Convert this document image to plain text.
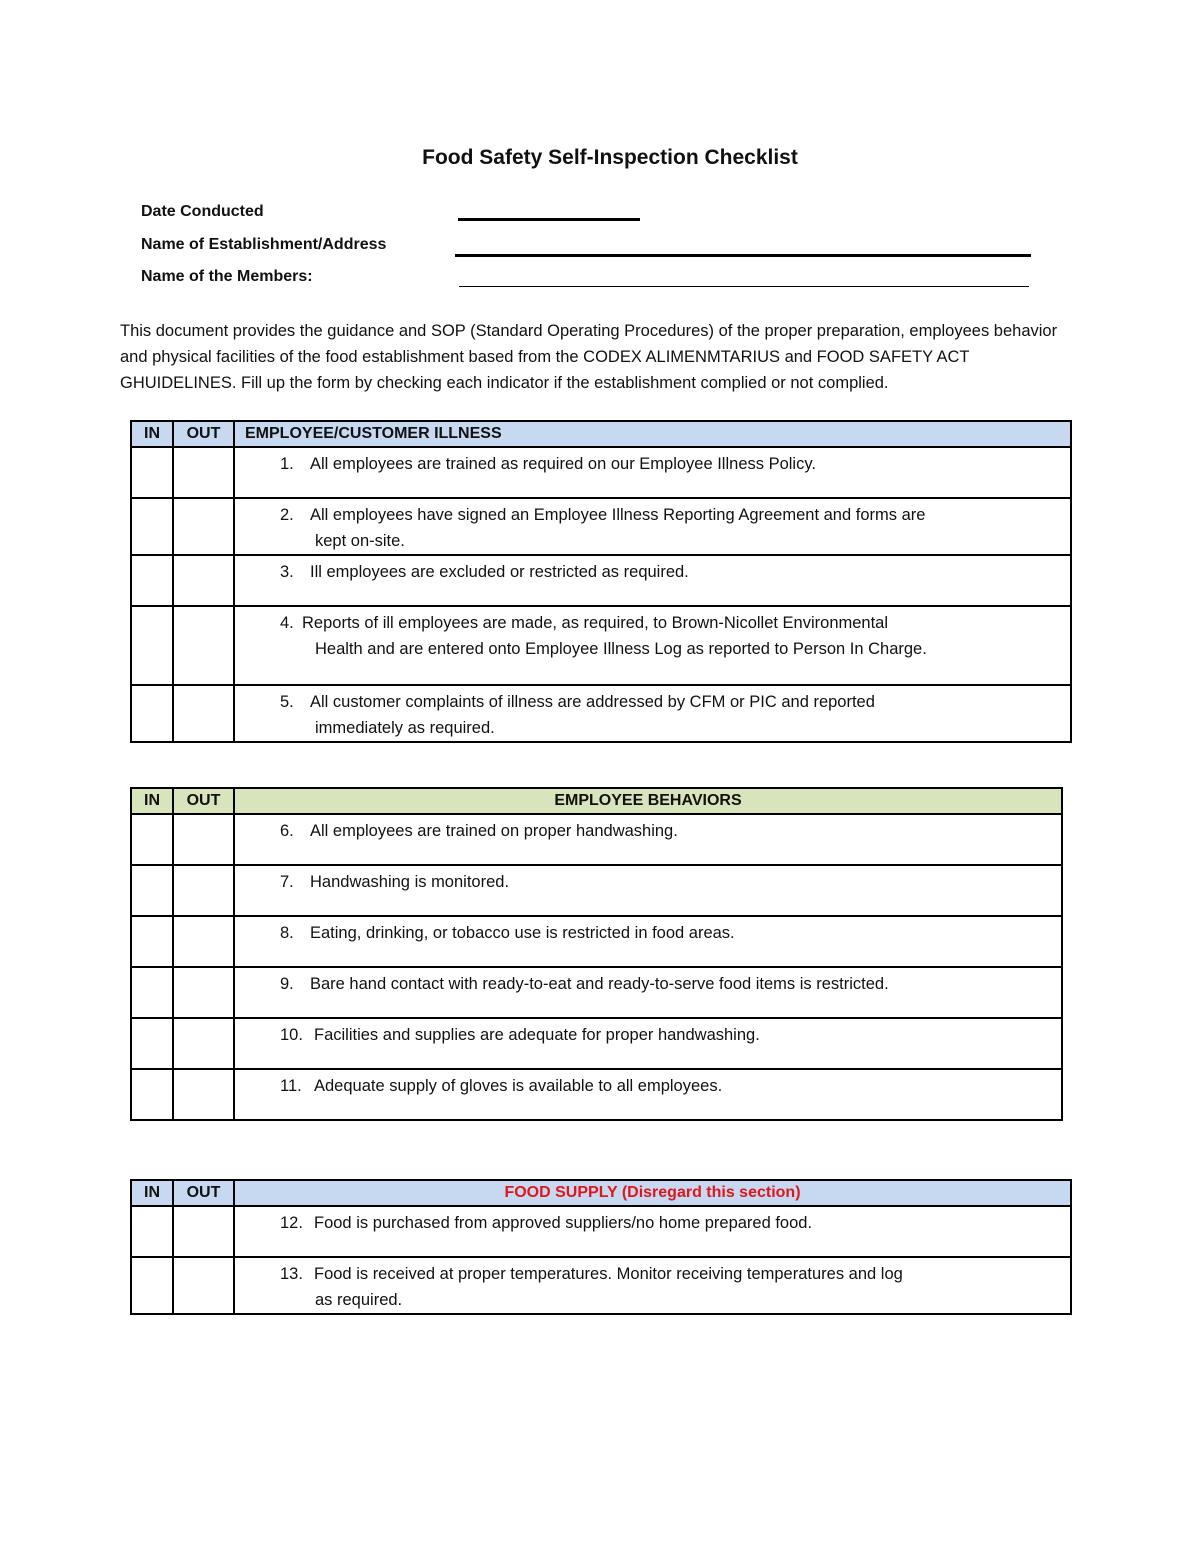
Food Safety Self-Inspection Checklist
Date Conducted
Name of Establishment/Address
Name of the Members:
This document provides the guidance and SOP (Standard Operating Procedures) of the proper preparation, employees behavior and physical facilities of the food establishment based from the CODEX ALIMENMTARIUS and FOOD SAFETY ACT GHUIDELINES. Fill up the form by checking each indicator if the establishment complied or not complied.
IN	OUT	EMPLOYEE/CUSTOMER ILLNESS

		1. All employees are trained as required on our Employee Illness Policy.

		2. All employees have signed an Employee Illness Reporting Agreement and forms are
kept on-site.

		3. Ill employees are excluded or restricted as required.

		4. Reports of ill employees are made, as required, to Brown-Nicollet Environmental
Health and are entered onto Employee Illness Log as reported to Person In Charge.

		5. All customer complaints of illness are addressed by CFM or PIC and reported
immediately as required.
IN	OUT	EMPLOYEE BEHAVIORS

		6. All employees are trained on proper handwashing.

		7. Handwashing is monitored.

		8. Eating, drinking, or tobacco use is restricted in food areas.

		9. Bare hand contact with ready-to-eat and ready-to-serve food items is restricted.

		10. Facilities and supplies are adequate for proper handwashing.

		11. Adequate supply of gloves is available to all employees.
IN	OUT	FOOD SUPPLY (Disregard this section)

		12. Food is purchased from approved suppliers/no home prepared food.

		13. Food is received at proper temperatures. Monitor receiving temperatures and log
as required.
